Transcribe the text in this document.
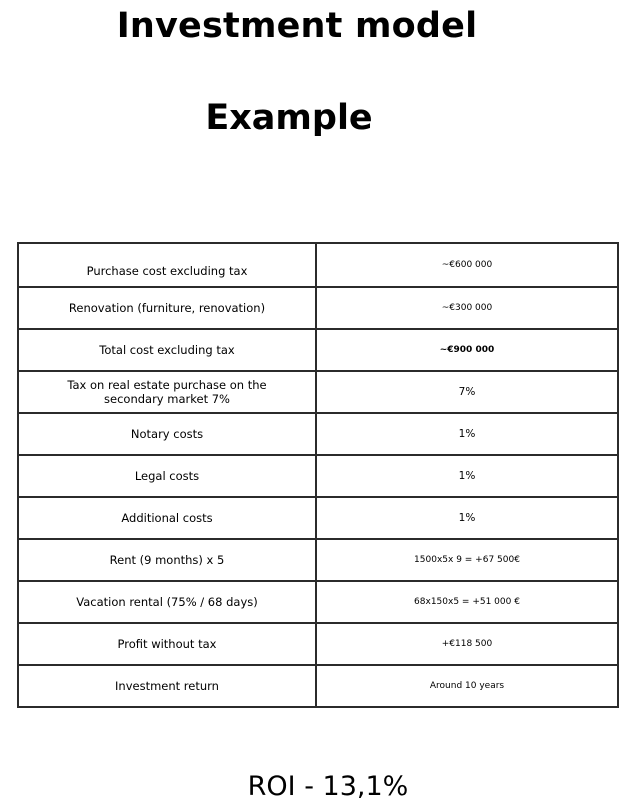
Investment model
Example
Purchase cost excluding tax	~€600 000
Renovation (furniture, renovation)	~€300 000
Total cost excluding tax	~€900 000
Tax on real estate purchase on the secondary market 7%	7%
Notary costs	1%
Legal costs	1%
Additional costs	1%
Rent (9 months) x 5	1500x5x 9 = +67 500€
Vacation rental (75% / 68 days)	68x150x5 = +51 000 €
Profit without tax	+€118 500
Investment return	Around 10 years
ROI - 13,1%
